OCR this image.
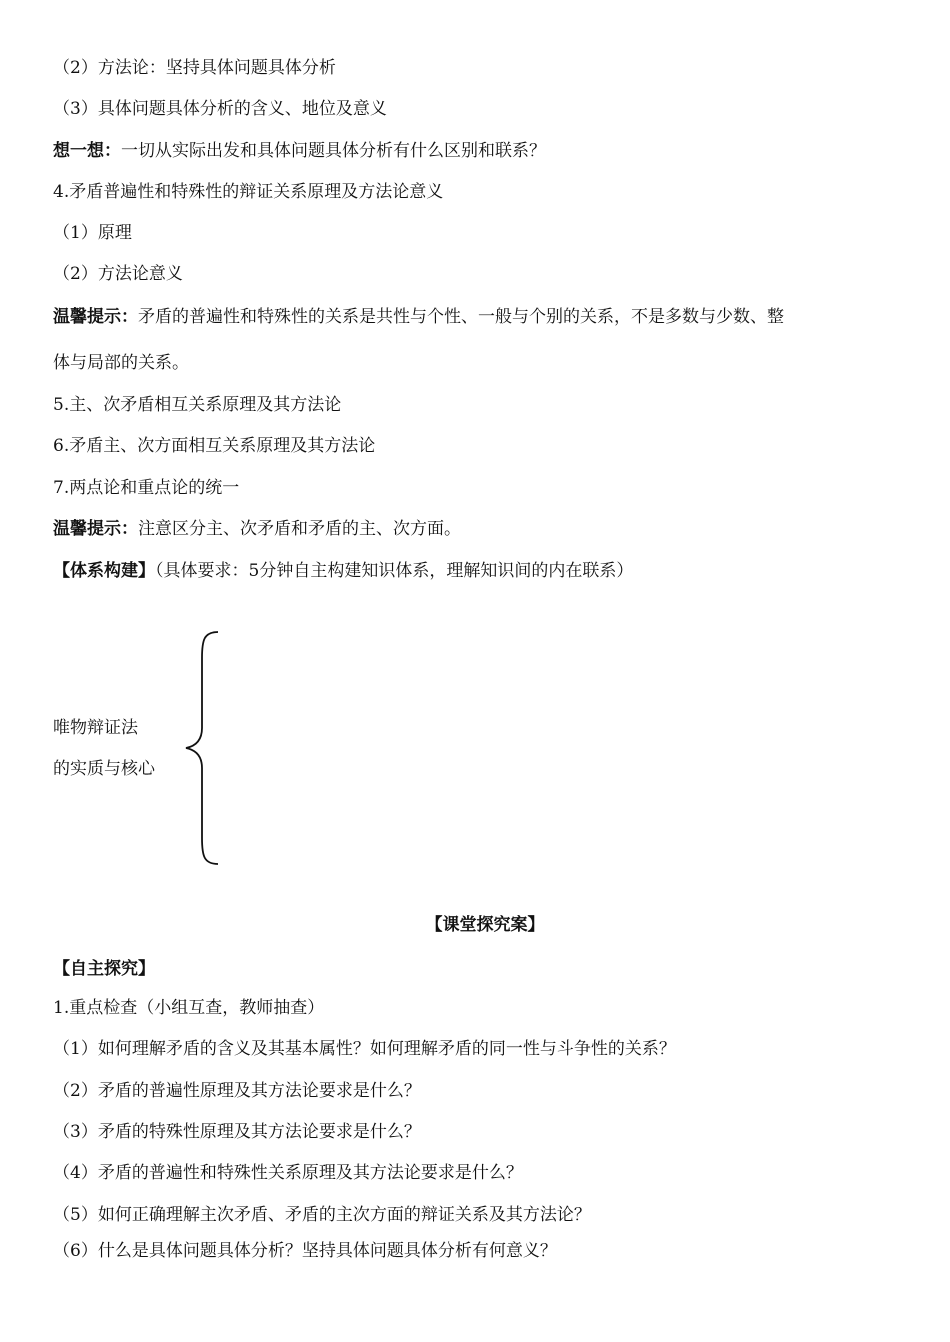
（2）方法论：坚持具体问题具体分析
（3）具体问题具体分析的含义、地位及意义
想一想：一切从实际出发和具体问题具体分析有什么区别和联系？
4.矛盾普遍性和特殊性的辩证关系原理及方法论意义
（1）原理
（2）方法论意义
温馨提示：矛盾的普遍性和特殊性的关系是共性与个性、一般与个别的关系，不是多数与少数、整
体与局部的关系。
5.主、次矛盾相互关系原理及其方法论
6.矛盾主、次方面相互关系原理及其方法论
7.两点论和重点论的统一
温馨提示：注意区分主、次矛盾和矛盾的主、次方面。
【体系构建】（具体要求：5分钟自主构建知识体系，理解知识间的内在联系）
唯物辩证法
的实质与核心
【课堂探究案】
【自主探究】
1.重点检查（小组互查，教师抽查）
（1）如何理解矛盾的含义及其基本属性？如何理解矛盾的同一性与斗争性的关系？
（2）矛盾的普遍性原理及其方法论要求是什么？
（3）矛盾的特殊性原理及其方法论要求是什么？
（4）矛盾的普遍性和特殊性关系原理及其方法论要求是什么？
（5）如何正确理解主次矛盾、矛盾的主次方面的辩证关系及其方法论？
（6）什么是具体问题具体分析？坚持具体问题具体分析有何意义？
